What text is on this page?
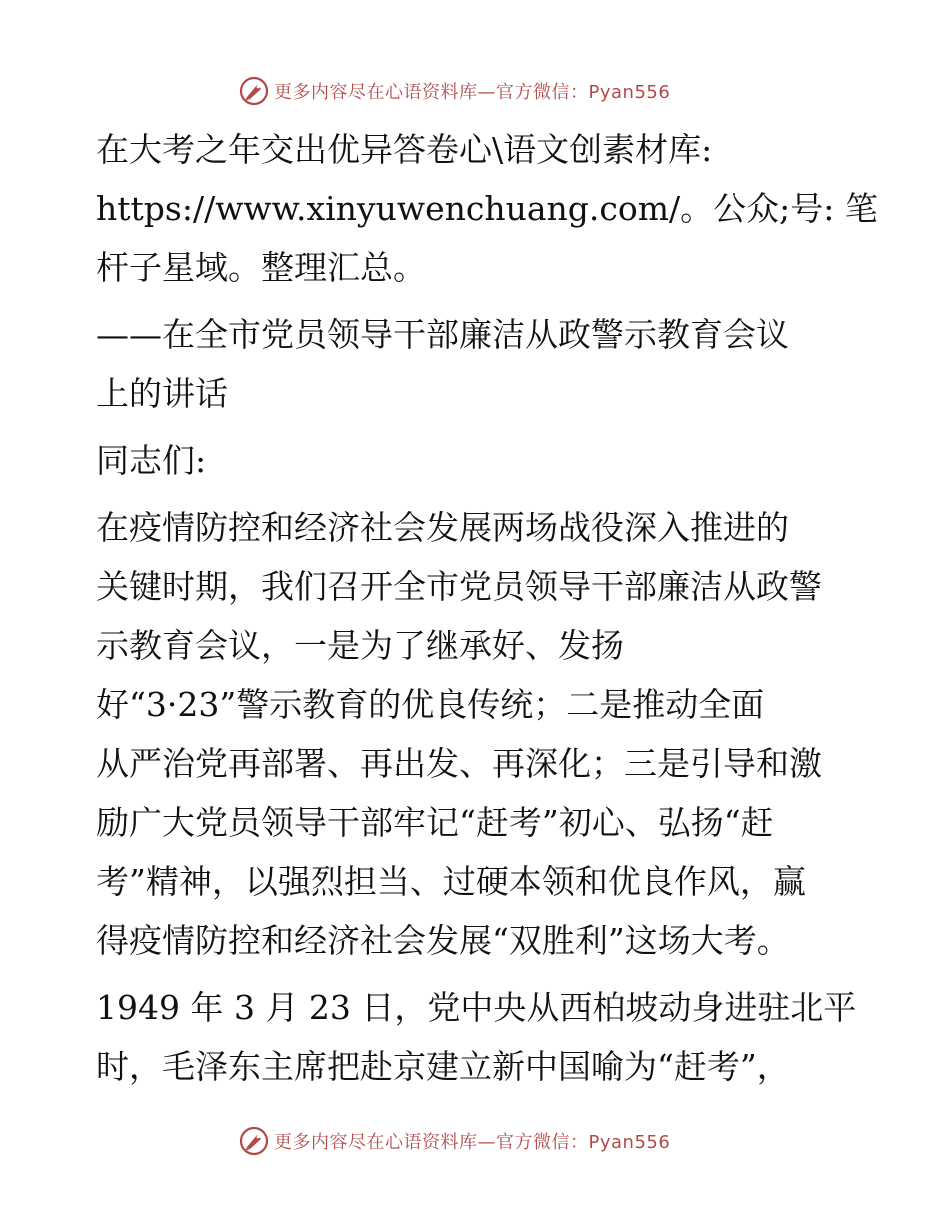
更多内容尽在心语资料库—官方微信：Pyan556

在大考之年交出优异答卷心\语文创素材库:
https://www.xinyuwenchuang.com/。公众;号: 笔
杆子星域。整理汇总。

——在全市党员领导干部廉洁从政警示教育会议
上的讲话

同志们:

在疫情防控和经济社会发展两场战役深入推进的
关键时期，我们召开全市党员领导干部廉洁从政警
示教育会议，一是为了继承好、发扬
好“3·23”警示教育的优良传统；二是推动全面
从严治党再部署、再出发、再深化；三是引导和激
励广大党员领导干部牢记“赶考”初心、弘扬“赶
考”精神，以强烈担当、过硬本领和优良作风，赢
得疫情防控和经济社会发展“双胜利”这场大考。

1949 年 3 月 23 日，党中央从西柏坡动身进驻北平
时，毛泽东主席把赴京建立新中国喻为“赶考”，

更多内容尽在心语资料库—官方微信：Pyan556
